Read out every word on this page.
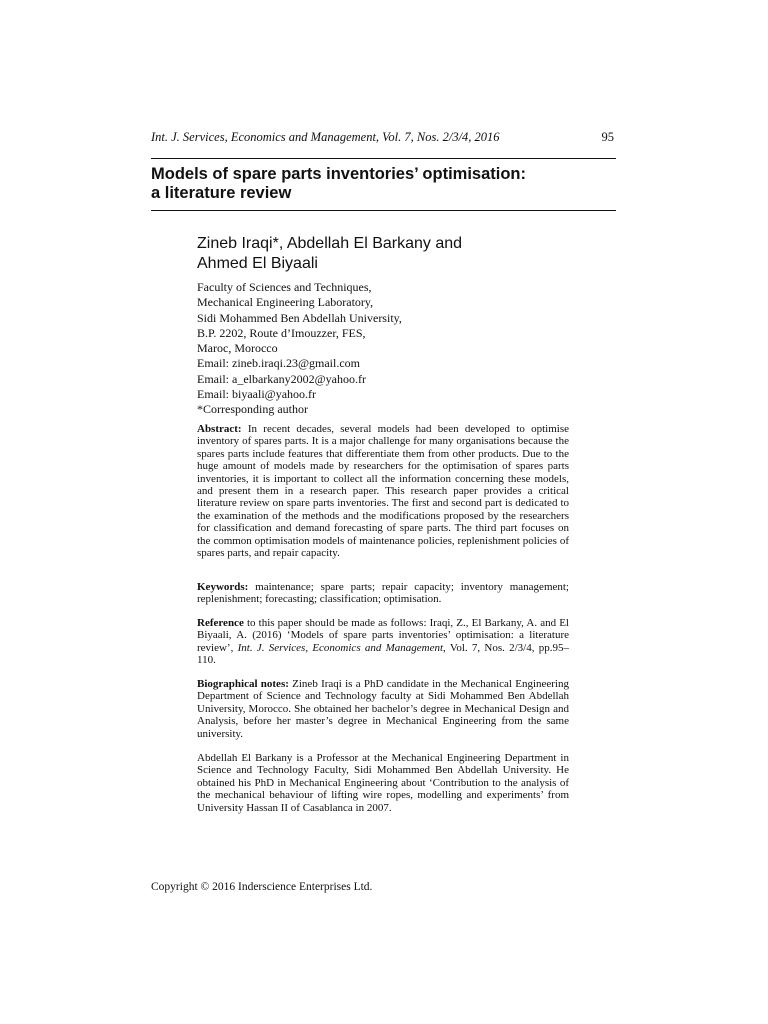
Int. J. Services, Economics and Management, Vol. 7, Nos. 2/3/4, 2016	95
Models of spare parts inventories’ optimisation:
a literature review
Zineb Iraqi*, Abdellah El Barkany and
Ahmed El Biyaali
Faculty of Sciences and Techniques,
Mechanical Engineering Laboratory,
Sidi Mohammed Ben Abdellah University,
B.P. 2202, Route d’Imouzzer, FES,
Maroc, Morocco
Email: zineb.iraqi.23@gmail.com
Email: a_elbarkany2002@yahoo.fr
Email: biyaali@yahoo.fr
*Corresponding author

Abstract: In recent decades, several models had been developed to optimise inventory of spares parts. It is a major challenge for many organisations because the spares parts include features that differentiate them from other products. Due to the huge amount of models made by researchers for the optimisation of spares parts inventories, it is important to collect all the information concerning these models, and present them in a research paper. This research paper provides a critical literature review on spare parts inventories. The first and second part is dedicated to the examination of the methods and the modifications proposed by the researchers for classification and demand forecasting of spare parts. The third part focuses on the common optimisation models of maintenance policies, replenishment policies of spares parts, and repair capacity.

Keywords: maintenance; spare parts; repair capacity; inventory management; replenishment; forecasting; classification; optimisation.

Reference to this paper should be made as follows: Iraqi, Z., El Barkany, A. and El Biyaali, A. (2016) ‘Models of spare parts inventories’ optimisation: a literature review’, Int. J. Services, Economics and Management, Vol. 7, Nos. 2/3/4, pp.95–110.

Biographical notes: Zineb Iraqi is a PhD candidate in the Mechanical Engineering Department of Science and Technology faculty at Sidi Mohammed Ben Abdellah University, Morocco. She obtained her bachelor’s degree in Mechanical Design and Analysis, before her master’s degree in Mechanical Engineering from the same university.

Abdellah El Barkany is a Professor at the Mechanical Engineering Department in Science and Technology Faculty, Sidi Mohammed Ben Abdellah University. He obtained his PhD in Mechanical Engineering about ‘Contribution to the analysis of the mechanical behaviour of lifting wire ropes, modelling and experiments’ from University Hassan II of Casablanca in 2007.

Copyright © 2016 Inderscience Enterprises Ltd.
